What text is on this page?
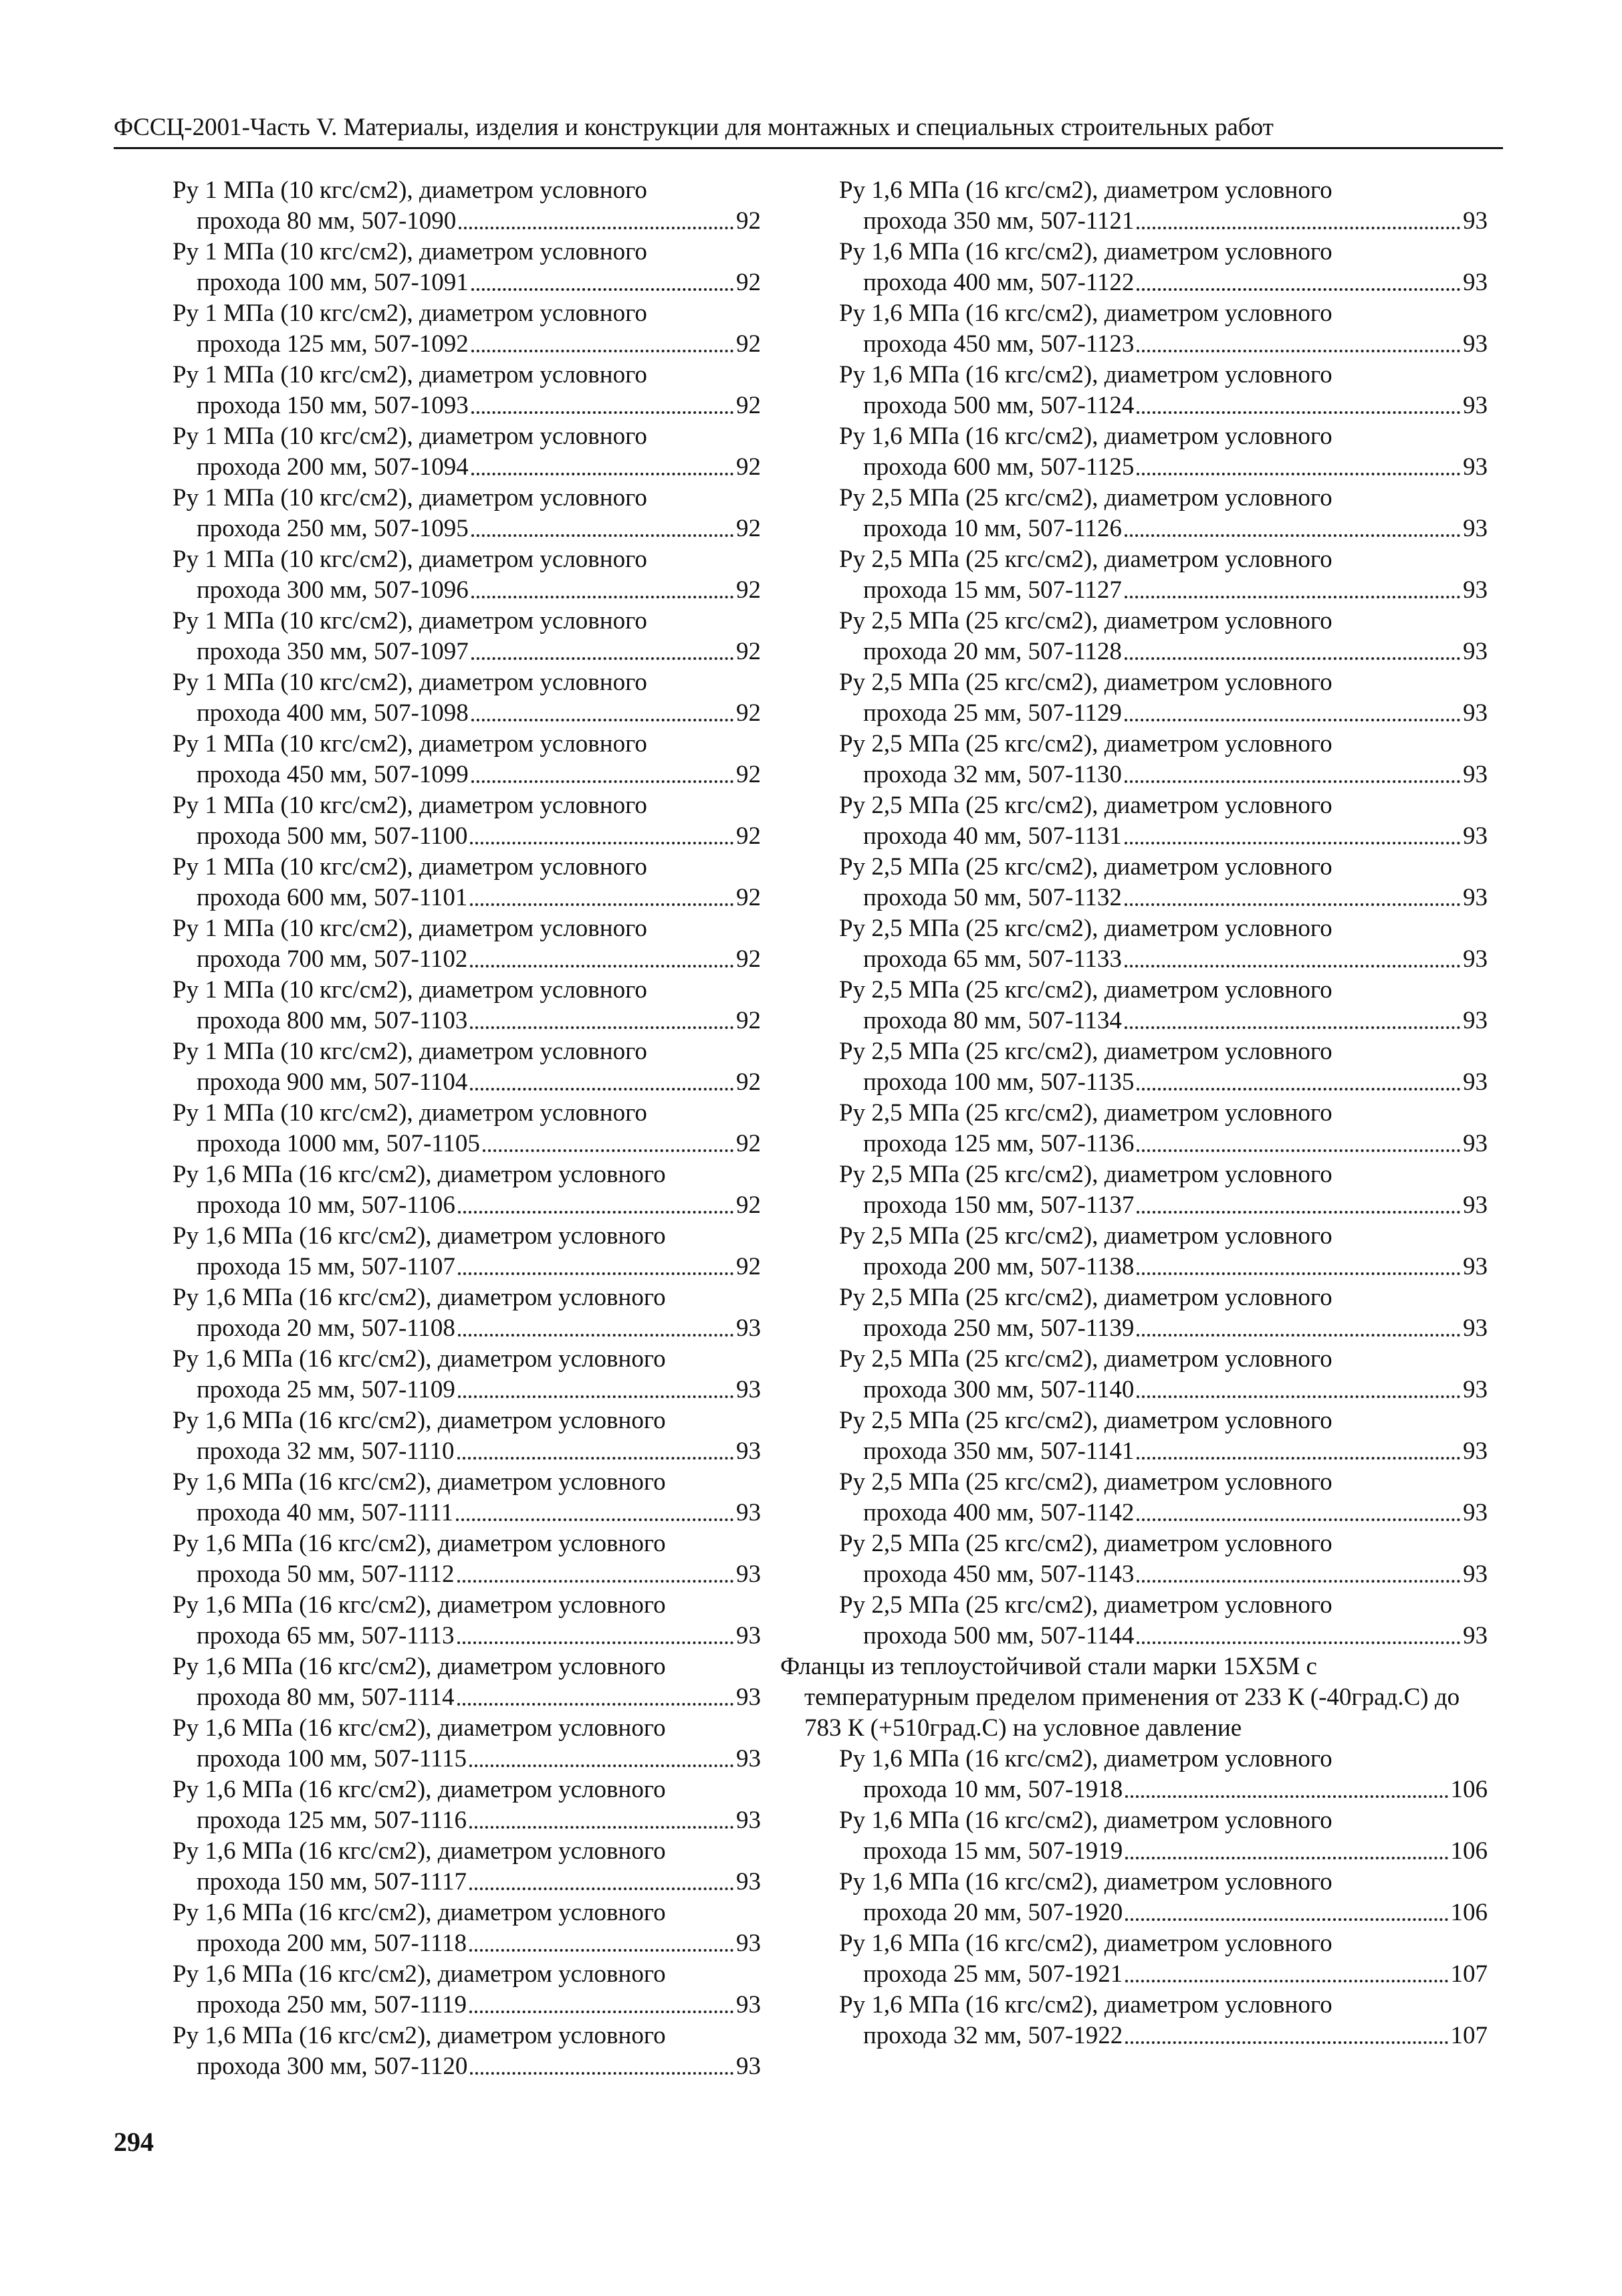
ФССЦ-2001-Часть V. Материалы, изделия и конструкции для монтажных и специальных строительных работ
Ру 1 МПа (10 кгс/см2), диаметром условного
прохода 80 мм, 507-1090	92
Ру 1 МПа (10 кгс/см2), диаметром условного
прохода 100 мм, 507-1091	92
Ру 1 МПа (10 кгс/см2), диаметром условного
прохода 125 мм, 507-1092	92
Ру 1 МПа (10 кгс/см2), диаметром условного
прохода 150 мм, 507-1093	92
Ру 1 МПа (10 кгс/см2), диаметром условного
прохода 200 мм, 507-1094	92
Ру 1 МПа (10 кгс/см2), диаметром условного
прохода 250 мм, 507-1095	92
Ру 1 МПа (10 кгс/см2), диаметром условного
прохода 300 мм, 507-1096	92
Ру 1 МПа (10 кгс/см2), диаметром условного
прохода 350 мм, 507-1097	92
Ру 1 МПа (10 кгс/см2), диаметром условного
прохода 400 мм, 507-1098	92
Ру 1 МПа (10 кгс/см2), диаметром условного
прохода 450 мм, 507-1099	92
Ру 1 МПа (10 кгс/см2), диаметром условного
прохода 500 мм, 507-1100	92
Ру 1 МПа (10 кгс/см2), диаметром условного
прохода 600 мм, 507-1101	92
Ру 1 МПа (10 кгс/см2), диаметром условного
прохода 700 мм, 507-1102	92
Ру 1 МПа (10 кгс/см2), диаметром условного
прохода 800 мм, 507-1103	92
Ру 1 МПа (10 кгс/см2), диаметром условного
прохода 900 мм, 507-1104	92
Ру 1 МПа (10 кгс/см2), диаметром условного
прохода 1000 мм, 507-1105	92
Ру 1,6 МПа (16 кгс/см2), диаметром условного
прохода 10 мм, 507-1106	92
Ру 1,6 МПа (16 кгс/см2), диаметром условного
прохода 15 мм, 507-1107	92
Ру 1,6 МПа (16 кгс/см2), диаметром условного
прохода 20 мм, 507-1108	93
Ру 1,6 МПа (16 кгс/см2), диаметром условного
прохода 25 мм, 507-1109	93
Ру 1,6 МПа (16 кгс/см2), диаметром условного
прохода 32 мм, 507-1110	93
Ру 1,6 МПа (16 кгс/см2), диаметром условного
прохода 40 мм, 507-1111	93
Ру 1,6 МПа (16 кгс/см2), диаметром условного
прохода 50 мм, 507-1112	93
Ру 1,6 МПа (16 кгс/см2), диаметром условного
прохода 65 мм, 507-1113	93
Ру 1,6 МПа (16 кгс/см2), диаметром условного
прохода 80 мм, 507-1114	93
Ру 1,6 МПа (16 кгс/см2), диаметром условного
прохода 100 мм, 507-1115	93
Ру 1,6 МПа (16 кгс/см2), диаметром условного
прохода 125 мм, 507-1116	93
Ру 1,6 МПа (16 кгс/см2), диаметром условного
прохода 150 мм, 507-1117	93
Ру 1,6 МПа (16 кгс/см2), диаметром условного
прохода 200 мм, 507-1118	93
Ру 1,6 МПа (16 кгс/см2), диаметром условного
прохода 250 мм, 507-1119	93
Ру 1,6 МПа (16 кгс/см2), диаметром условного
прохода 300 мм, 507-1120	93
Ру 1,6 МПа (16 кгс/см2), диаметром условного
прохода 350 мм, 507-1121	93
Ру 1,6 МПа (16 кгс/см2), диаметром условного
прохода 400 мм, 507-1122	93
Ру 1,6 МПа (16 кгс/см2), диаметром условного
прохода 450 мм, 507-1123	93
Ру 1,6 МПа (16 кгс/см2), диаметром условного
прохода 500 мм, 507-1124	93
Ру 1,6 МПа (16 кгс/см2), диаметром условного
прохода 600 мм, 507-1125	93
Ру 2,5 МПа (25 кгс/см2), диаметром условного
прохода 10 мм, 507-1126	93
Ру 2,5 МПа (25 кгс/см2), диаметром условного
прохода 15 мм, 507-1127	93
Ру 2,5 МПа (25 кгс/см2), диаметром условного
прохода 20 мм, 507-1128	93
Ру 2,5 МПа (25 кгс/см2), диаметром условного
прохода 25 мм, 507-1129	93
Ру 2,5 МПа (25 кгс/см2), диаметром условного
прохода 32 мм, 507-1130	93
Ру 2,5 МПа (25 кгс/см2), диаметром условного
прохода 40 мм, 507-1131	93
Ру 2,5 МПа (25 кгс/см2), диаметром условного
прохода 50 мм, 507-1132	93
Ру 2,5 МПа (25 кгс/см2), диаметром условного
прохода 65 мм, 507-1133	93
Ру 2,5 МПа (25 кгс/см2), диаметром условного
прохода 80 мм, 507-1134	93
Ру 2,5 МПа (25 кгс/см2), диаметром условного
прохода 100 мм, 507-1135	93
Ру 2,5 МПа (25 кгс/см2), диаметром условного
прохода 125 мм, 507-1136	93
Ру 2,5 МПа (25 кгс/см2), диаметром условного
прохода 150 мм, 507-1137	93
Ру 2,5 МПа (25 кгс/см2), диаметром условного
прохода 200 мм, 507-1138	93
Ру 2,5 МПа (25 кгс/см2), диаметром условного
прохода 250 мм, 507-1139	93
Ру 2,5 МПа (25 кгс/см2), диаметром условного
прохода 300 мм, 507-1140	93
Ру 2,5 МПа (25 кгс/см2), диаметром условного
прохода 350 мм, 507-1141	93
Ру 2,5 МПа (25 кгс/см2), диаметром условного
прохода 400 мм, 507-1142	93
Ру 2,5 МПа (25 кгс/см2), диаметром условного
прохода 450 мм, 507-1143	93
Ру 2,5 МПа (25 кгс/см2), диаметром условного
прохода 500 мм, 507-1144	93
Фланцы из теплоустойчивой стали марки 15Х5М с температурным пределом применения от 233 К (-40град.С) до 783 К (+510град.С) на условное давление
Ру 1,6 МПа (16 кгс/см2), диаметром условного
прохода 10 мм, 507-1918	106
Ру 1,6 МПа (16 кгс/см2), диаметром условного
прохода 15 мм, 507-1919	106
Ру 1,6 МПа (16 кгс/см2), диаметром условного
прохода 20 мм, 507-1920	106
Ру 1,6 МПа (16 кгс/см2), диаметром условного
прохода 25 мм, 507-1921	107
Ру 1,6 МПа (16 кгс/см2), диаметром условного
прохода 32 мм, 507-1922	107
294
